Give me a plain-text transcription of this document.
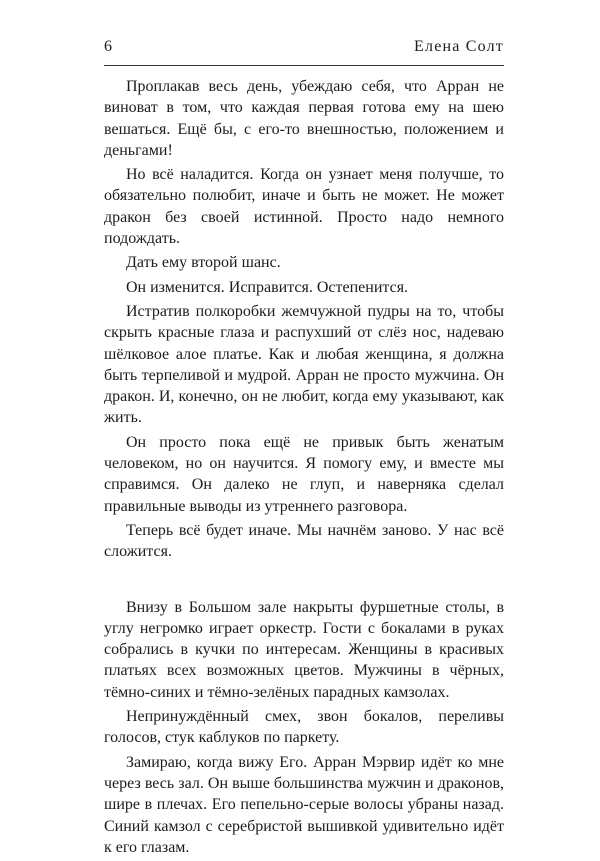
6	Елена Солт

Проплакав весь день, убеждаю себя, что Арран не виноват в том, что каждая первая готова ему на шею вешаться. Ещё бы, с его-то внешностью, положением и деньгами!

Но всё наладится. Когда он узнает меня получше, то обязательно полюбит, иначе и быть не может. Не может дракон без своей истинной. Просто надо немного подождать.

Дать ему второй шанс.

Он изменится. Исправится. Остепенится.

Истратив полкоробки жемчужной пудры на то, чтобы скрыть красные глаза и распухший от слёз нос, надеваю шёлковое алое платье. Как и любая женщина, я должна быть терпеливой и мудрой. Арран не просто мужчина. Он дракон. И, конечно, он не любит, когда ему указывают, как жить.

Он просто пока ещё не привык быть женатым человеком, но он научится. Я помогу ему, и вместе мы справимся. Он далеко не глуп, и наверняка сделал правильные выводы из утреннего разговора.

Теперь всё будет иначе. Мы начнём заново. У нас всё сложится.

Внизу в Большом зале накрыты фуршетные столы, в углу негромко играет оркестр. Гости с бокалами в руках собрались в кучки по интересам. Женщины в красивых платьях всех возможных цветов. Мужчины в чёрных, тёмно-синих и тёмно-зелёных парадных камзолах.

Непринуждённый смех, звон бокалов, переливы голосов, стук каблуков по паркету.

Замираю, когда вижу Его. Арран Мэрвир идёт ко мне через весь зал. Он выше большинства мужчин и драконов, шире в плечах. Его пепельно-серые волосы убраны назад. Синий камзол с серебристой вышивкой удивительно идёт к его глазам.
